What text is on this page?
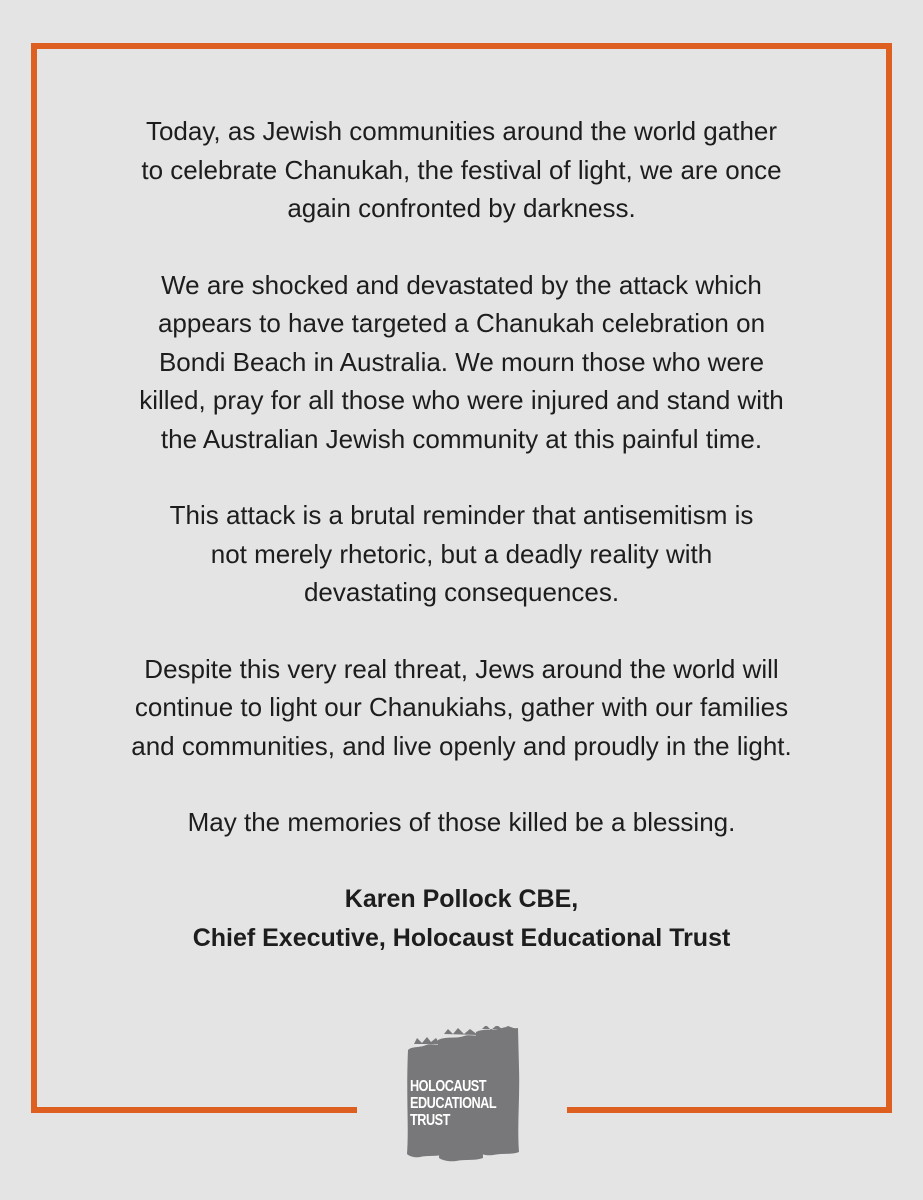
Today, as Jewish communities around the world gather
to celebrate Chanukah, the festival of light, we are once
again confronted by darkness.

We are shocked and devastated by the attack which
appears to have targeted a Chanukah celebration on
Bondi Beach in Australia. We mourn those who were
killed, pray for all those who were injured and stand with
the Australian Jewish community at this painful time.

This attack is a brutal reminder that antisemitism is
not merely rhetoric, but a deadly reality with
devastating consequences.

Despite this very real threat, Jews around the world will
continue to light our Chanukiahs, gather with our families
and communities, and live openly and proudly in the light.

May the memories of those killed be a blessing.

Karen Pollock CBE,
Chief Executive, Holocaust Educational Trust
HOLOCAUST
EDUCATIONAL
TRUST
